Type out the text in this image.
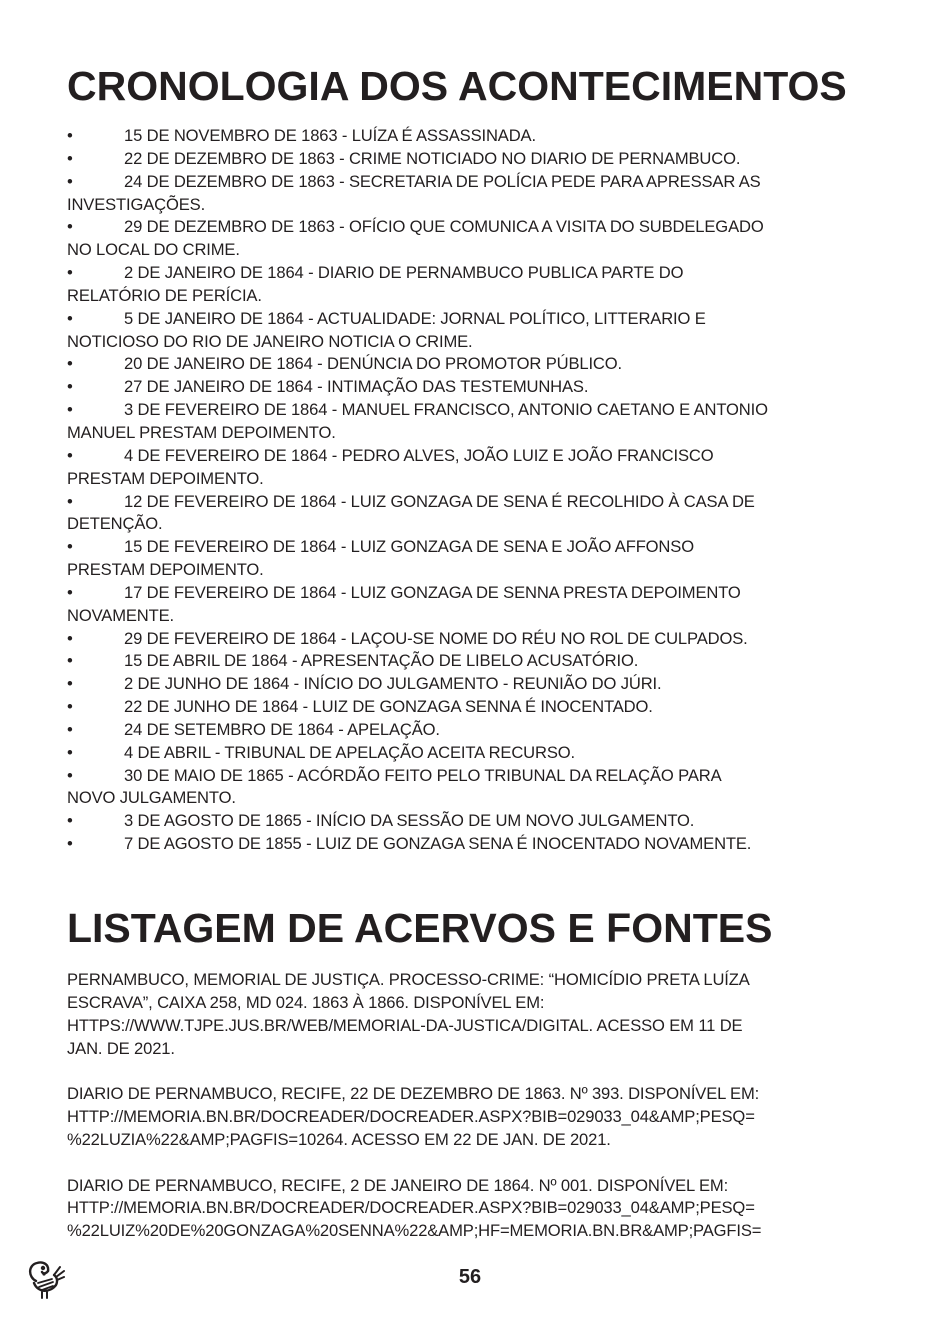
CRONOLOGIA DOS ACONTECIMENTOS
•	15 DE NOVEMBRO DE 1863 - LUÍZA É ASSASSINADA.
•	22 DE DEZEMBRO DE 1863 - CRIME NOTICIADO NO DIARIO DE PERNAMBUCO.
•	24 DE DEZEMBRO DE 1863 - SECRETARIA DE POLÍCIA PEDE PARA APRESSAR AS
INVESTIGAÇÕES.
•	29 DE DEZEMBRO DE 1863 - OFÍCIO QUE COMUNICA A VISITA DO SUBDELEGADO
NO LOCAL DO CRIME.
•	2 DE JANEIRO DE 1864 - DIARIO DE PERNAMBUCO PUBLICA PARTE DO
RELATÓRIO DE PERÍCIA.
•	5 DE JANEIRO DE 1864 - ACTUALIDADE: JORNAL POLÍTICO, LITTERARIO E
NOTICIOSO DO RIO DE JANEIRO NOTICIA O CRIME.
•	20 DE JANEIRO DE 1864 - DENÚNCIA DO PROMOTOR PÚBLICO.
•	27 DE JANEIRO DE 1864 - INTIMAÇÃO DAS TESTEMUNHAS.
•	3 DE FEVEREIRO DE 1864 - MANUEL FRANCISCO, ANTONIO CAETANO E ANTONIO
MANUEL PRESTAM DEPOIMENTO.
•	4 DE FEVEREIRO DE 1864 - PEDRO ALVES, JOÃO LUIZ E JOÃO FRANCISCO
PRESTAM DEPOIMENTO.
•	12 DE FEVEREIRO DE 1864 - LUIZ GONZAGA DE SENA É RECOLHIDO À CASA DE
DETENÇÃO.
•	15 DE FEVEREIRO DE 1864 - LUIZ GONZAGA DE SENA E JOÃO AFFONSO
PRESTAM DEPOIMENTO.
•	17 DE FEVEREIRO DE 1864 - LUIZ GONZAGA DE SENNA PRESTA DEPOIMENTO
NOVAMENTE.
•	29 DE FEVEREIRO DE 1864 - LAÇOU-SE NOME DO RÉU NO ROL DE CULPADOS.
•	15 DE ABRIL DE 1864 - APRESENTAÇÃO DE LIBELO ACUSATÓRIO.
•	2 DE JUNHO DE 1864 - INÍCIO DO JULGAMENTO - REUNIÃO DO JÚRI.
•	22 DE JUNHO DE 1864 - LUIZ DE GONZAGA SENNA É INOCENTADO.
•	24 DE SETEMBRO DE 1864 - APELAÇÃO.
•	4 DE ABRIL - TRIBUNAL DE APELAÇÃO ACEITA RECURSO.
•	30 DE MAIO DE 1865 - ACÓRDÃO FEITO PELO TRIBUNAL DA RELAÇÃO PARA
NOVO JULGAMENTO.
•	3 DE AGOSTO DE 1865 - INÍCIO DA SESSÃO DE UM NOVO JULGAMENTO.
•	7 DE AGOSTO DE 1855 - LUIZ DE GONZAGA SENA É INOCENTADO NOVAMENTE.
LISTAGEM DE ACERVOS E FONTES

PERNAMBUCO, MEMORIAL DE JUSTIÇA. PROCESSO-CRIME: “HOMICÍDIO PRETA LUÍZA
ESCRAVA”, CAIXA 258, MD 024. 1863 À 1866. DISPONÍVEL EM:
HTTPS://WWW.TJPE.JUS.BR/WEB/MEMORIAL-DA-JUSTICA/DIGITAL. ACESSO EM 11 DE
JAN. DE 2021.

DIARIO DE PERNAMBUCO, RECIFE, 22 DE DEZEMBRO DE 1863. Nº 393. DISPONÍVEL EM:
HTTP://MEMORIA.BN.BR/DOCREADER/DOCREADER.ASPX?BIB=029033_04&AMP;PESQ=
%22LUZIA%22&AMP;PAGFIS=10264. ACESSO EM 22 DE JAN. DE 2021.

DIARIO DE PERNAMBUCO, RECIFE, 2 DE JANEIRO DE 1864. Nº 001. DISPONÍVEL EM:
HTTP://MEMORIA.BN.BR/DOCREADER/DOCREADER.ASPX?BIB=029033_04&AMP;PESQ=
%22LUIZ%20DE%20GONZAGA%20SENNA%22&AMP;HF=MEMORIA.BN.BR&AMP;PAGFIS=

56
